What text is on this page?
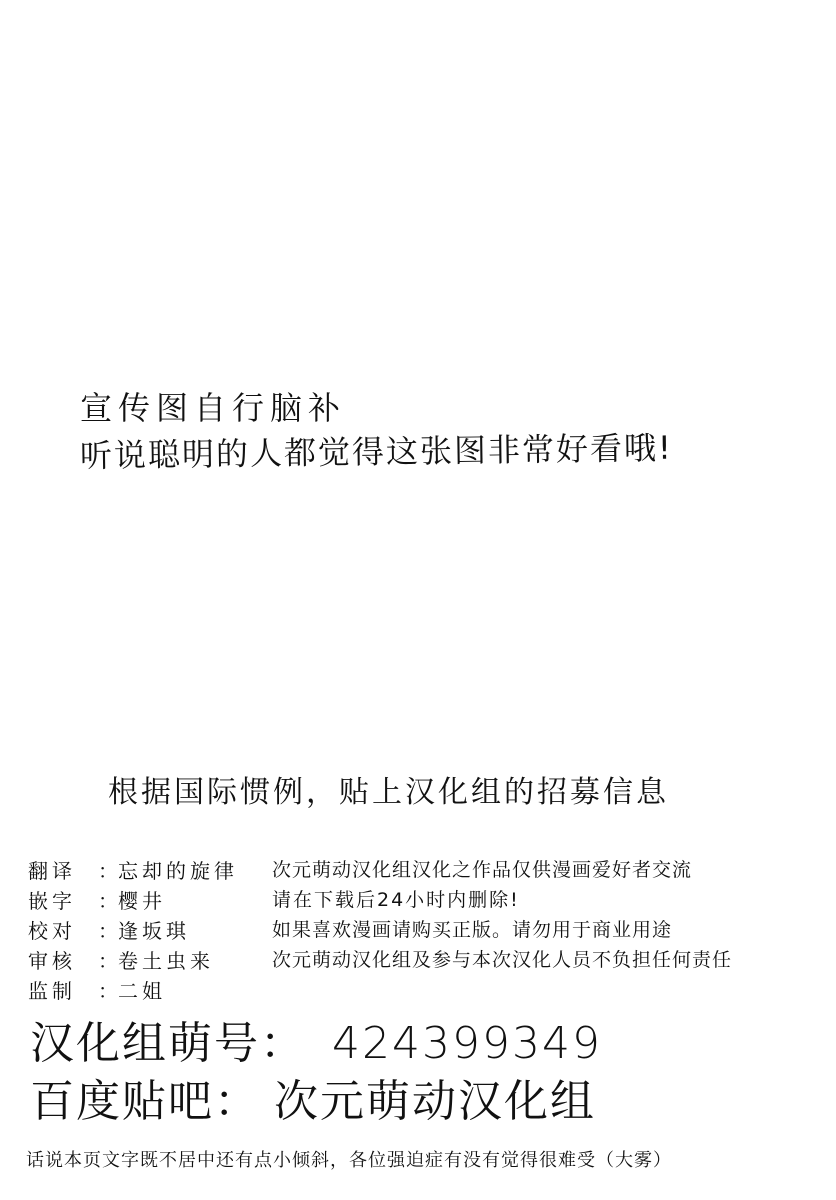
宣传图自行脑补
听说聪明的人都觉得这张图非常好看哦!
根据国际惯例，贴上汉化组的招募信息
翻译 ：忘却的旋律
嵌字 ：樱井
校对 ：逢坂琪
审核 ：卷土虫来
监制 ：二姐
次元萌动汉化组汉化之作品仅供漫画爱好者交流
请在下载后24小时内删除!
如果喜欢漫画请购买正版。请勿用于商业用途
次元萌动汉化组及参与本次汉化人员不负担任何责任
汉化组萌号： 424399349
百度贴吧： 次元萌动汉化组
话说本页文字既不居中还有点小倾斜，各位强迫症有没有觉得很难受（大雾）
